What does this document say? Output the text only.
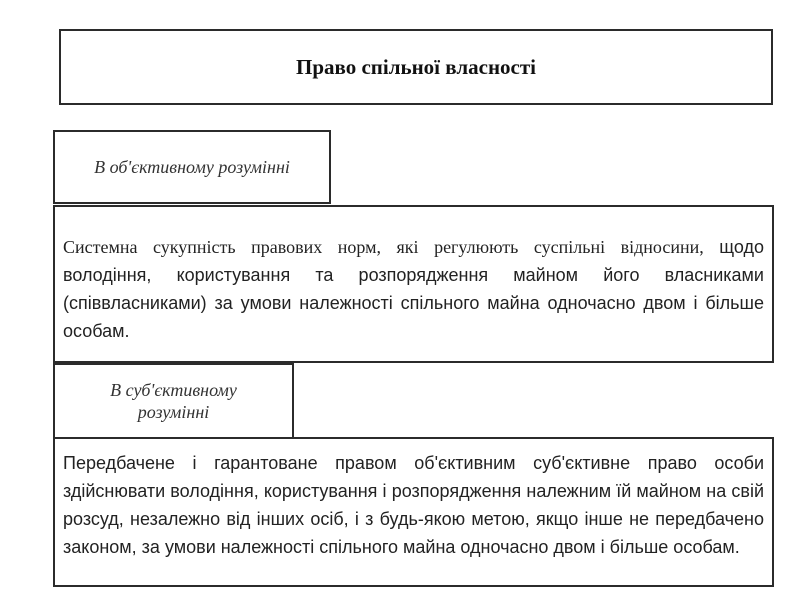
Право спільної власності
В об'єктивному розумінні

Системна сукупність правових норм, які регулюють суспільні відносини, щодо володіння, користування та розпорядження майном його власниками (співвласниками) за умови належності спільного майна одночасно двом і більше особам.

В суб'єктивному розумінні

Передбачене і гарантоване правом об'єктивним суб'єктивне право особи здійснювати володіння, користування і розпорядження належним їй майном на свій розсуд, незалежно від інших осіб, і з будь-якою метою, якщо інше не передбачено законом, за умови належності спільного майна одночасно двом і більше особам.
